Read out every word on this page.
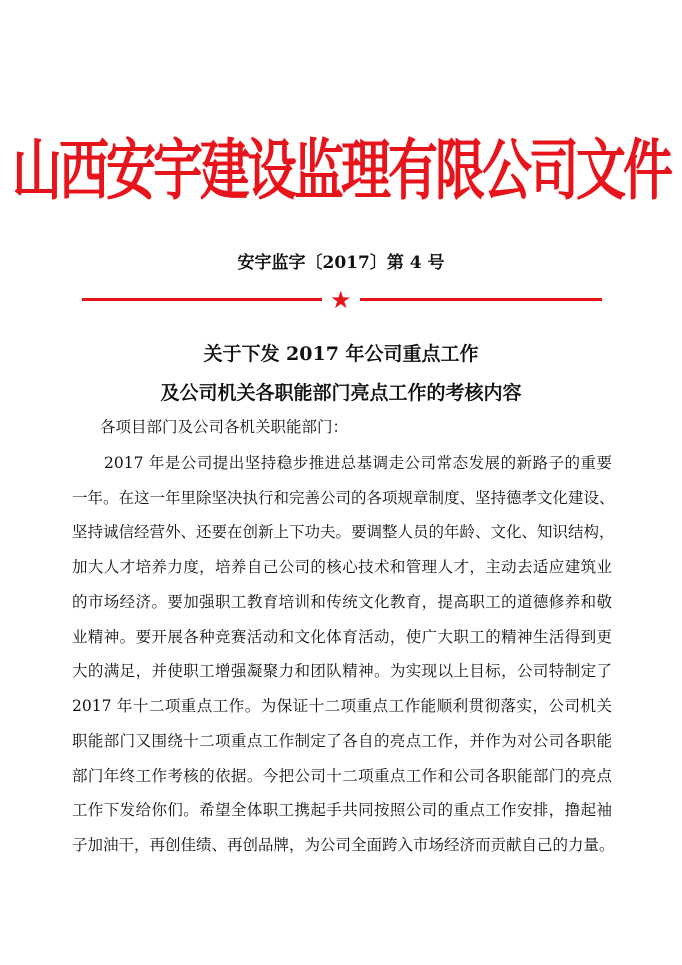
山西安宇建设监理有限公司文件
安宇监字〔2017〕第 4 号
★
关于下发 2017 年公司重点工作
及公司机关各职能部门亮点工作的考核内容
各项目部门及公司各机关职能部门：
2017 年是公司提出坚持稳步推进总基调走公司常态发展的新路子的重要
一年。在这一年里除坚决执行和完善公司的各项规章制度、坚持德孝文化建设、
坚持诚信经营外、还要在创新上下功夫。要调整人员的年龄、文化、知识结构，
加大人才培养力度，培养自己公司的核心技术和管理人才，主动去适应建筑业
的市场经济。要加强职工教育培训和传统文化教育，提高职工的道德修养和敬
业精神。要开展各种竞赛活动和文化体育活动，使广大职工的精神生活得到更
大的满足，并使职工增强凝聚力和团队精神。为实现以上目标，公司特制定了
2017 年十二项重点工作。为保证十二项重点工作能顺利贯彻落实，公司机关
职能部门又围绕十二项重点工作制定了各自的亮点工作，并作为对公司各职能
部门年终工作考核的依据。今把公司十二项重点工作和公司各职能部门的亮点
工作下发给你们。希望全体职工携起手共同按照公司的重点工作安排，撸起袖
子加油干，再创佳绩、再创品牌，为公司全面跨入市场经济而贡献自己的力量。
